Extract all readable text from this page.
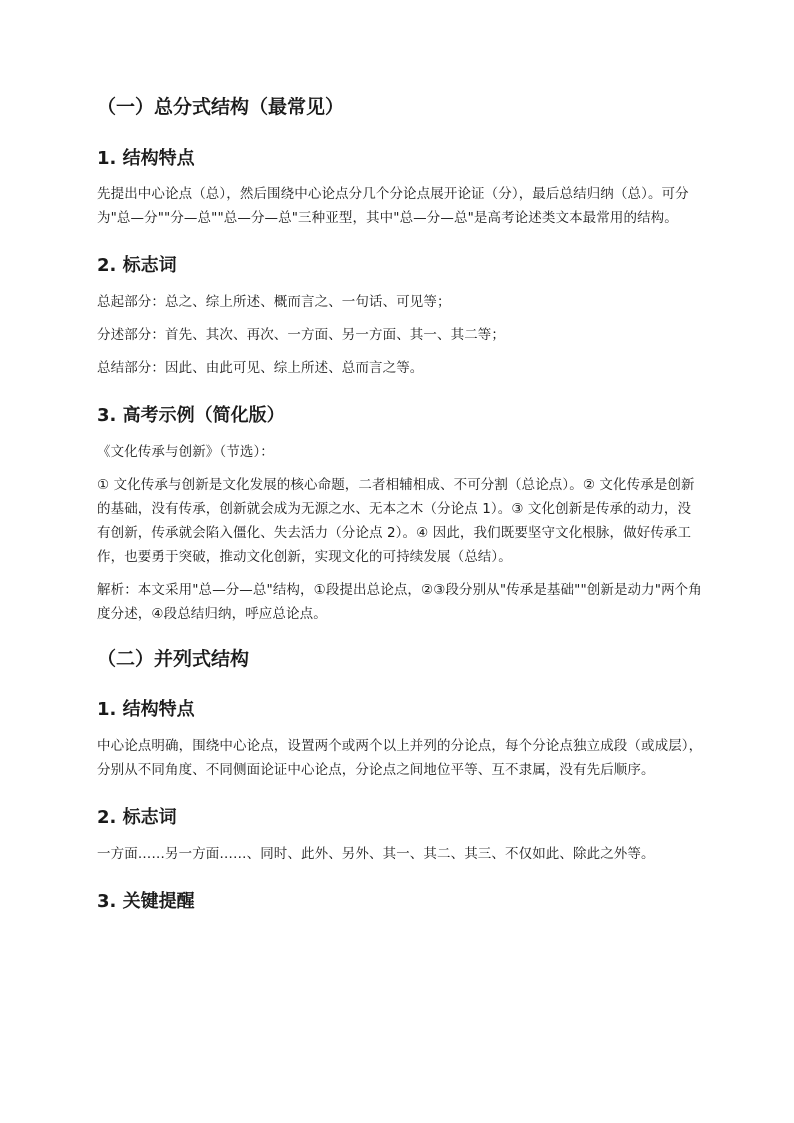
（一）总分式结构（最常见）
1. 结构特点

先提出中心论点（总），然后围绕中心论点分几个分论点展开论证（分），最后总结归纳（总）。可分为"总—分""分—总""总—分—总"三种亚型，其中"总—分—总"是高考论述类文本最常用的结构。

2. 标志词

总起部分：总之、综上所述、概而言之、一句话、可见等；

分述部分：首先、其次、再次、一方面、另一方面、其一、其二等；

总结部分：因此、由此可见、综上所述、总而言之等。

3. 高考示例（简化版）

《文化传承与创新》（节选）：

① 文化传承与创新是文化发展的核心命题，二者相辅相成、不可分割（总论点）。② 文化传承是创新的基础，没有传承，创新就会成为无源之水、无本之木（分论点 1）。③ 文化创新是传承的动力，没有创新，传承就会陷入僵化、失去活力（分论点 2）。④ 因此，我们既要坚守文化根脉，做好传承工作，也要勇于突破，推动文化创新，实现文化的可持续发展（总结）。

解析：本文采用"总—分—总"结构，①段提出总论点，②③段分别从"传承是基础""创新是动力"两个角度分述，④段总结归纳，呼应总论点。

（二）并列式结构
1. 结构特点

中心论点明确，围绕中心论点，设置两个或两个以上并列的分论点，每个分论点独立成段（或成层），分别从不同角度、不同侧面论证中心论点，分论点之间地位平等、互不隶属，没有先后顺序。

2. 标志词

一方面……另一方面……、同时、此外、另外、其一、其二、其三、不仅如此、除此之外等。

3. 关键提醒
